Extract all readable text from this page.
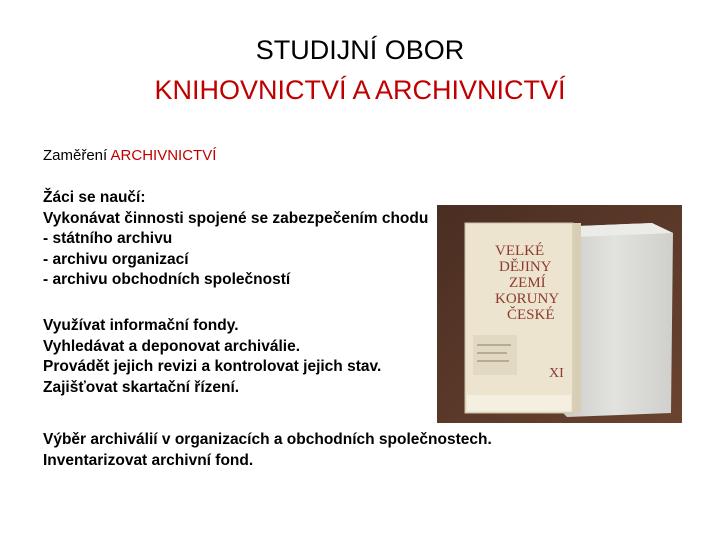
STUDIJNÍ OBOR
KNIHOVNICTVÍ A ARCHIVNICTVÍ
Zaměření ARCHIVNICTVÍ
Žáci se naučí:
Vykonávat činnosti spojené se zabezpečením chodu
- státního archivu
- archivu organizací
- archivu obchodních společností
VELKÉ
DĚJINY
ZEMÍ
KORUNY
ČESKÉ
XI
Využívat informační fondy.
Vyhledávat a deponovat archiválie.
Provádět jejich revizi a kontrolovat jejich stav.
Zajišťovat skartační řízení.
Výběr archiválií v organizacích a obchodních společnostech.
Inventarizovat archivní fond.
